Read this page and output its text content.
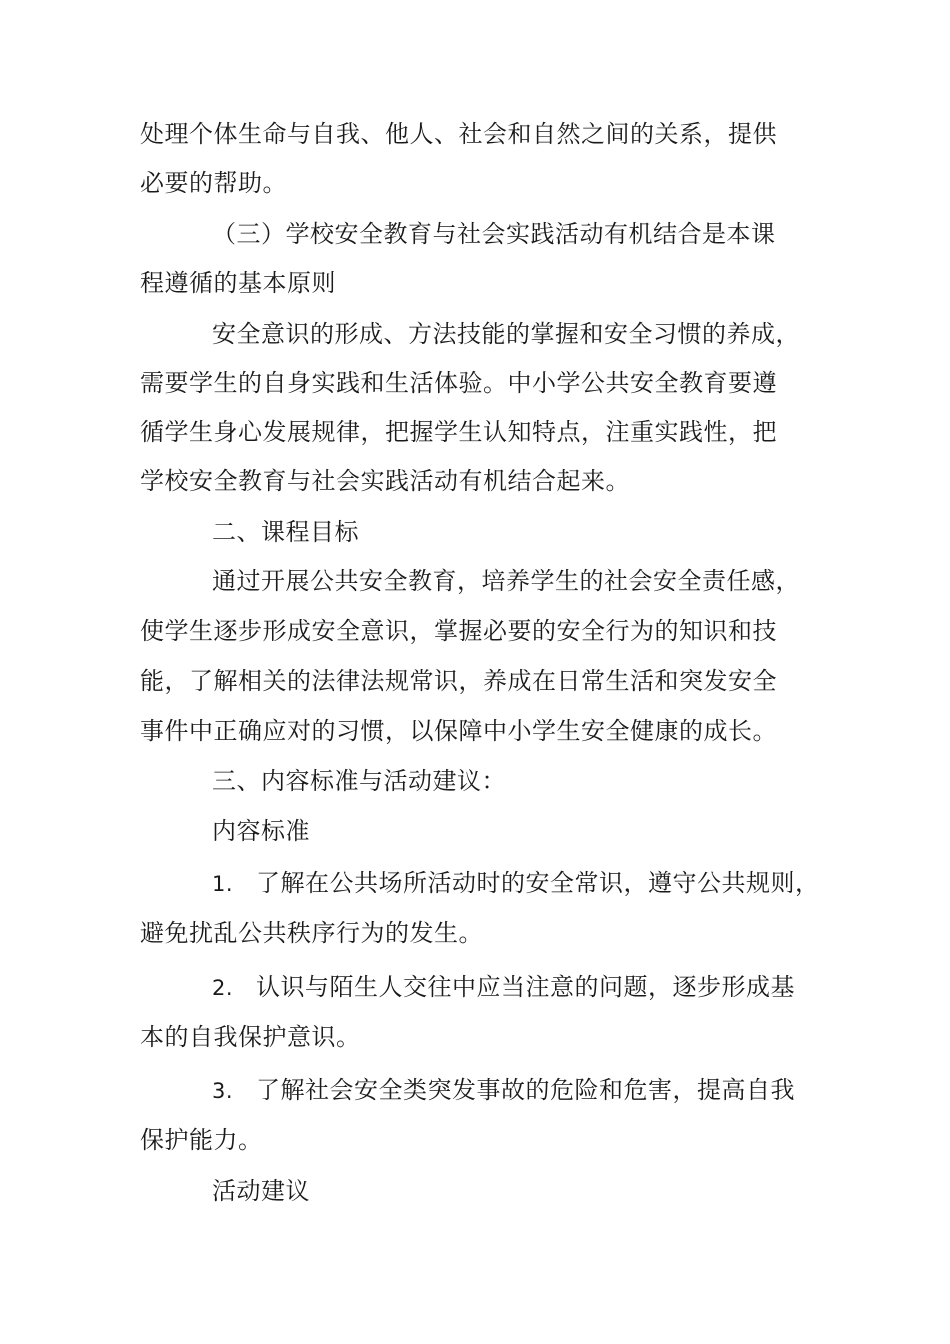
处理个体生命与自我、他人、社会和自然之间的关系，提供
必要的帮助。
（三）学校安全教育与社会实践活动有机结合是本课
程遵循的基本原则
安全意识的形成、方法技能的掌握和安全习惯的养成，
需要学生的自身实践和生活体验。中小学公共安全教育要遵
循学生身心发展规律，把握学生认知特点，注重实践性，把
学校安全教育与社会实践活动有机结合起来。
二、课程目标
通过开展公共安全教育，培养学生的社会安全责任感，
使学生逐步形成安全意识，掌握必要的安全行为的知识和技
能，了解相关的法律法规常识，养成在日常生活和突发安全
事件中正确应对的习惯，以保障中小学生安全健康的成长。
三、内容标准与活动建议：
内容标准
1. 了解在公共场所活动时的安全常识，遵守公共规则，
避免扰乱公共秩序行为的发生。
2. 认识与陌生人交往中应当注意的问题，逐步形成基
本的自我保护意识。
3. 了解社会安全类突发事故的危险和危害，提高自我
保护能力。
活动建议
